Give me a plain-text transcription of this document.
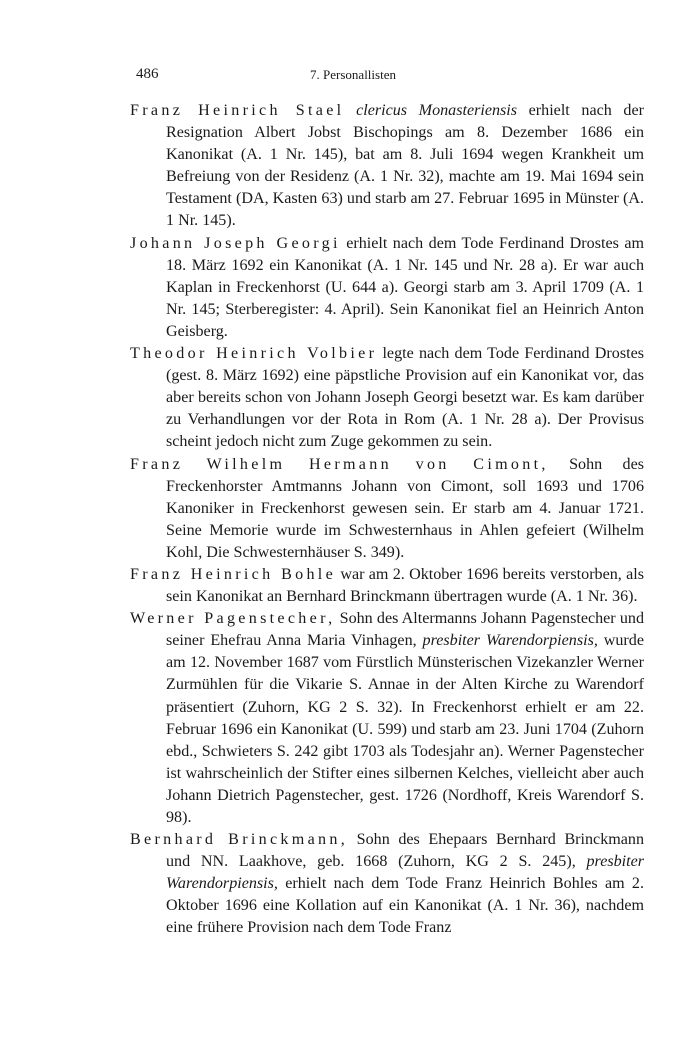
486	7. Personallisten

Franz Heinrich Stael clericus Monasteriensis erhielt nach der Resignation Albert Jobst Bischopings am 8. Dezember 1686 ein Kanonikat (A. 1 Nr. 145), bat am 8. Juli 1694 wegen Krankheit um Befreiung von der Residenz (A. 1 Nr. 32), machte am 19. Mai 1694 sein Testament (DA, Kasten 63) und starb am 27. Februar 1695 in Münster (A. 1 Nr. 145).

Johann Joseph Georgi erhielt nach dem Tode Ferdinand Drostes am 18. März 1692 ein Kanonikat (A. 1 Nr. 145 und Nr. 28 a). Er war auch Kaplan in Freckenhorst (U. 644 a). Georgi starb am 3. April 1709 (A. 1 Nr. 145; Sterberegister: 4. April). Sein Kanonikat fiel an Heinrich Anton Geisberg.

Theodor Heinrich Volbier legte nach dem Tode Ferdinand Drostes (gest. 8. März 1692) eine päpstliche Provision auf ein Kanonikat vor, das aber bereits schon von Johann Joseph Georgi besetzt war. Es kam darüber zu Verhandlungen vor der Rota in Rom (A. 1 Nr. 28 a). Der Provisus scheint jedoch nicht zum Zuge gekommen zu sein.

Franz Wilhelm Hermann von Cimont, Sohn des Freckenhorster Amtmanns Johann von Cimont, soll 1693 und 1706 Kanoniker in Freckenhorst gewesen sein. Er starb am 4. Januar 1721. Seine Memorie wurde im Schwesternhaus in Ahlen gefeiert (Wilhelm Kohl, Die Schwesternhäuser S. 349).

Franz Heinrich Bohle war am 2. Oktober 1696 bereits verstorben, als sein Kanonikat an Bernhard Brinckmann übertragen wurde (A. 1 Nr. 36).

Werner Pagenstecher, Sohn des Altermanns Johann Pagenstecher und seiner Ehefrau Anna Maria Vinhagen, presbiter Warendorpiensis, wurde am 12. November 1687 vom Fürstlich Münsterischen Vizekanzler Werner Zurmühlen für die Vikarie S. Annae in der Alten Kirche zu Warendorf präsentiert (Zuhorn, KG 2 S. 32). In Freckenhorst erhielt er am 22. Februar 1696 ein Kanonikat (U. 599) und starb am 23. Juni 1704 (Zuhorn ebd., Schwieters S. 242 gibt 1703 als Todesjahr an). Werner Pagenstecher ist wahrscheinlich der Stifter eines silbernen Kelches, vielleicht aber auch Johann Dietrich Pagenstecher, gest. 1726 (Nordhoff, Kreis Warendorf S. 98).

Bernhard Brinckmann, Sohn des Ehepaars Bernhard Brinckmann und NN. Laakhove, geb. 1668 (Zuhorn, KG 2 S. 245), presbiter Warendorpiensis, erhielt nach dem Tode Franz Heinrich Bohles am 2. Oktober 1696 eine Kollation auf ein Kanonikat (A. 1 Nr. 36), nachdem eine frühere Provision nach dem Tode Franz
